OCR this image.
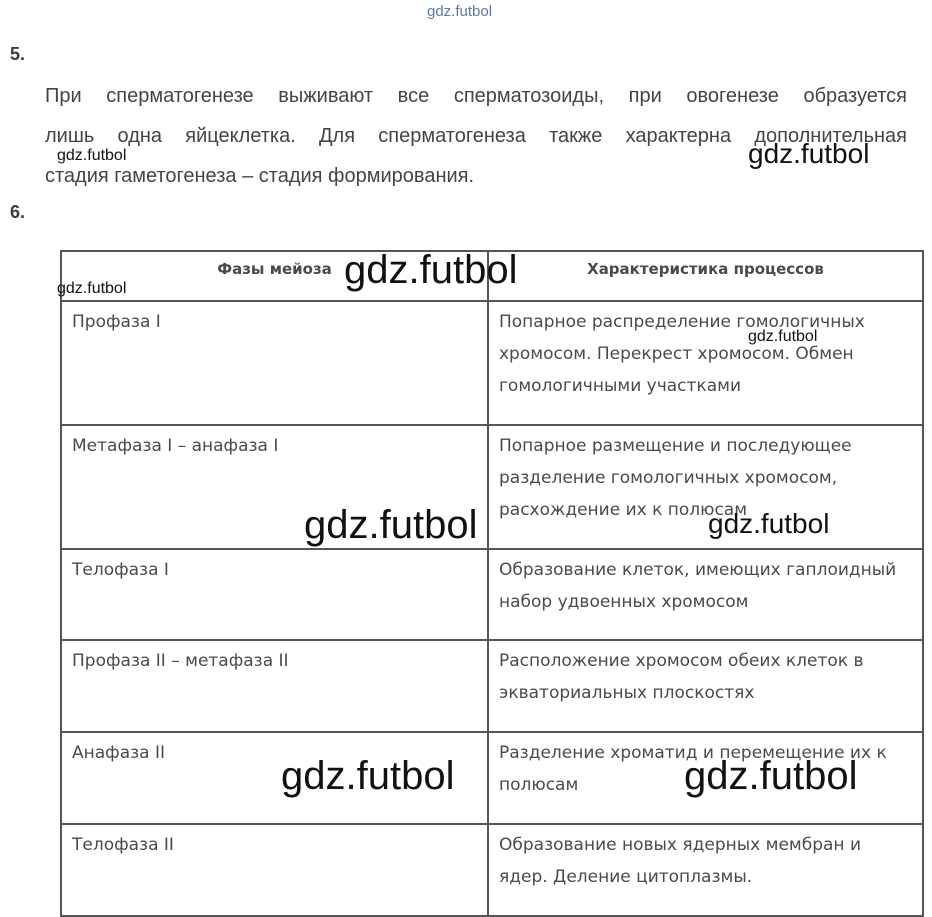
gdz.futbol
5.

При сперматогенезе выживают все сперматозоиды, при овогенезе образуется

лишь одна яйцеклетка. Для сперматогенеза также характерна дополнительная

стадия гаметогенеза – стадия формирования.

6.
Фазы мейоза	Характеристика процессов
Профаза I	Попарное распределение гомологичных хромосом. Перекрест хромосом. Обмен гомологичными участками
Метафаза I – анафаза I	Попарное размещение и последующее разделение гомологичных хромосом, расхождение их к полюсам
Телофаза I	Образование клеток, имеющих гаплоидный набор удвоенных хромосом
Профаза II – метафаза II	Расположение хромосом обеих клеток в экваториальных плоскостях
Анафаза II	Разделение хроматид и перемещение их к полюсам
Телофаза II	Образование новых ядерных мембран и ядер. Деление цитоплазмы.
gdz.futbol	gdz.futbol
gdz.futbol	gdz.futbol
gdz.futbol
gdz.futbol	gdz.futbol
gdz.futbol	gdz.futbol
